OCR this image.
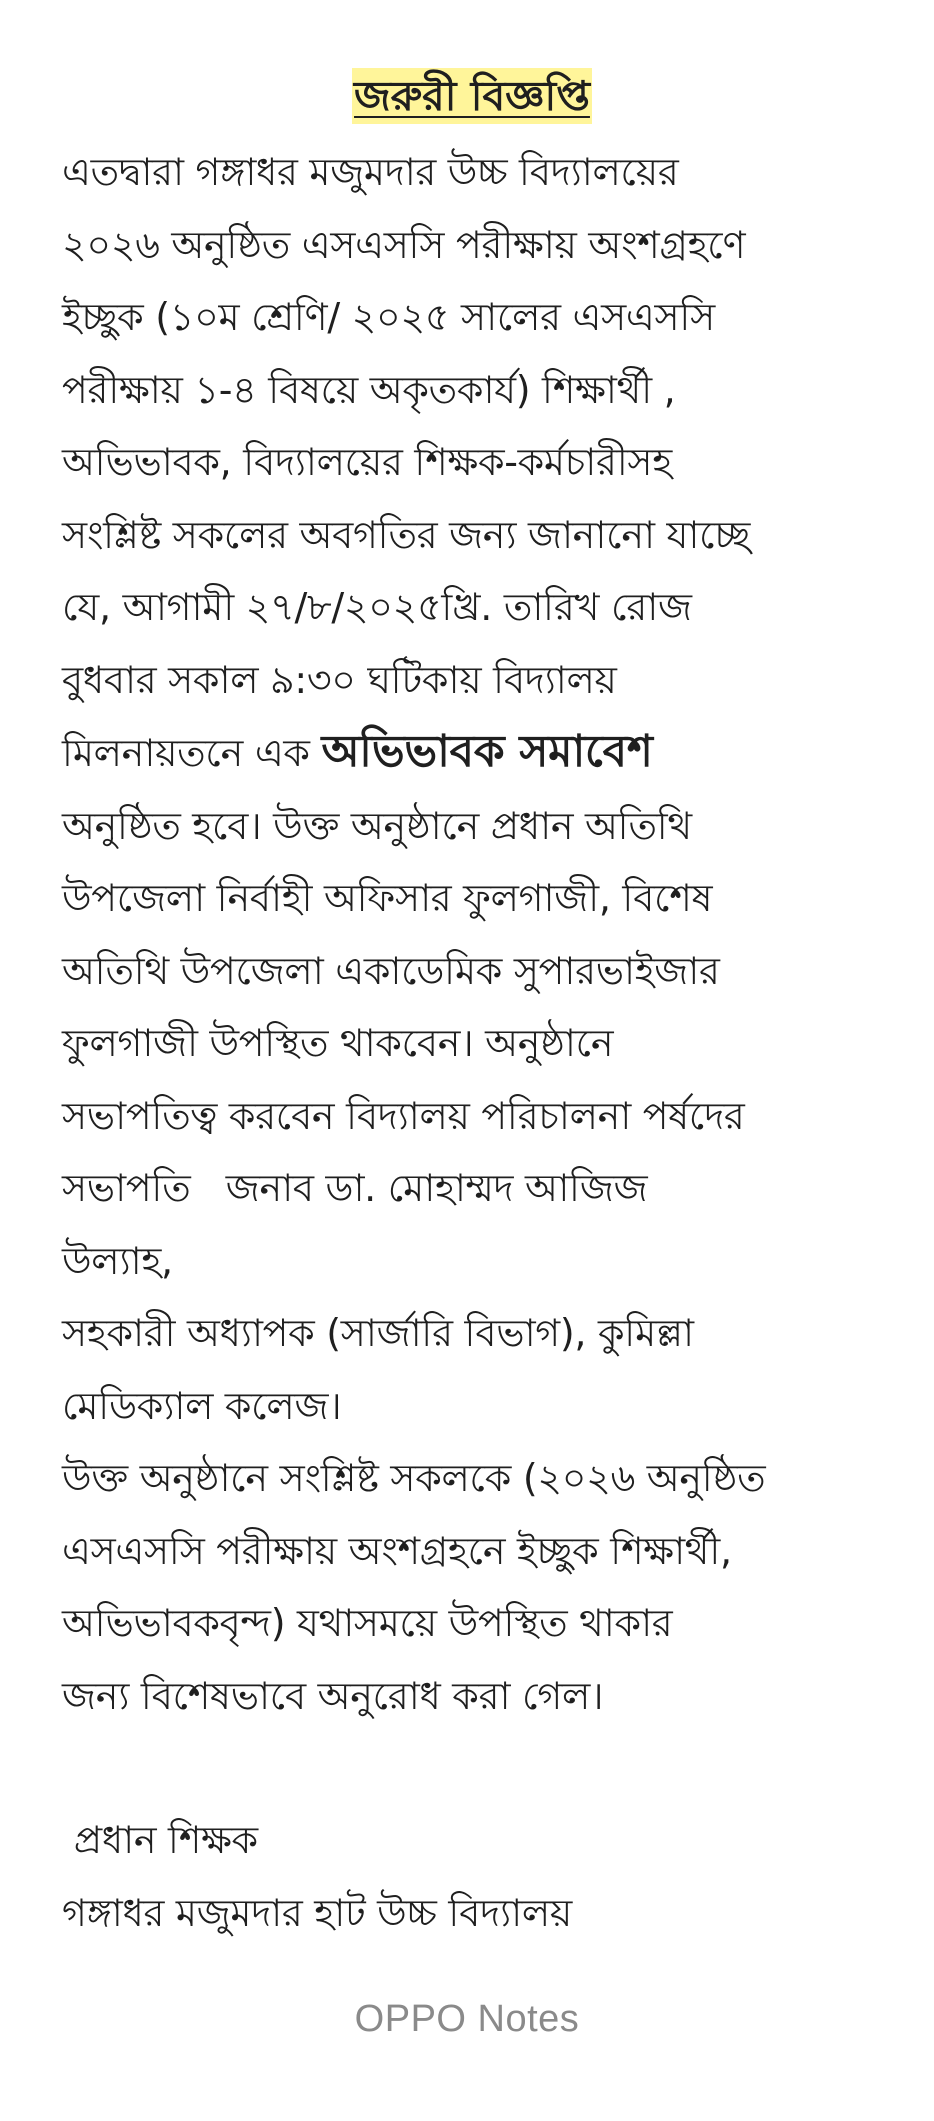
জরুরী বিজ্ঞপ্তি
এতদ্বারা গঙ্গাধর মজুমদার উচ্চ বিদ্যালয়ের
২০২৬ অনুষ্ঠিত এসএসসি পরীক্ষায় অংশগ্রহণে
ইচ্ছুক (১০ম শ্রেণি/ ২০২৫ সালের এসএসসি
পরীক্ষায় ১-৪ বিষয়ে অকৃতকার্য) শিক্ষার্থী ,
অভিভাবক, বিদ্যালয়ের শিক্ষক-কর্মচারীসহ
সংশ্লিষ্ট সকলের অবগতির জন্য জানানো যাচ্ছে
যে, আগামী ২৭/৮/২০২৫খ্রি. তারিখ রোজ
বুধবার সকাল ৯:৩০ ঘটিকায় বিদ্যালয়
মিলনায়তনে এক অভিভাবক সমাবেশ
অনুষ্ঠিত হবে। উক্ত অনুষ্ঠানে প্রধান অতিথি
উপজেলা নির্বাহী অফিসার ফুলগাজী, বিশেষ
অতিথি উপজেলা একাডেমিক সুপারভাইজার
ফুলগাজী উপস্থিত থাকবেন। অনুষ্ঠানে
সভাপতিত্ব করবেন বিদ্যালয় পরিচালনা পর্ষদের
সভাপতি   জনাব ডা. মোহাম্মদ আজিজ
উল্যাহ,
সহকারী অধ্যাপক (সার্জারি বিভাগ), কুমিল্লা
মেডিক্যাল কলেজ।
উক্ত অনুষ্ঠানে সংশ্লিষ্ট সকলকে (২০২৬ অনুষ্ঠিত
এসএসসি পরীক্ষায় অংশগ্রহনে ইচ্ছুক শিক্ষার্থী,
অভিভাবকবৃন্দ) যথাসময়ে উপস্থিত থাকার
জন্য বিশেষভাবে অনুরোধ করা গেল।
প্রধান শিক্ষক
গঙ্গাধর মজুমদার হাট উচ্চ বিদ্যালয়
OPPO Notes
